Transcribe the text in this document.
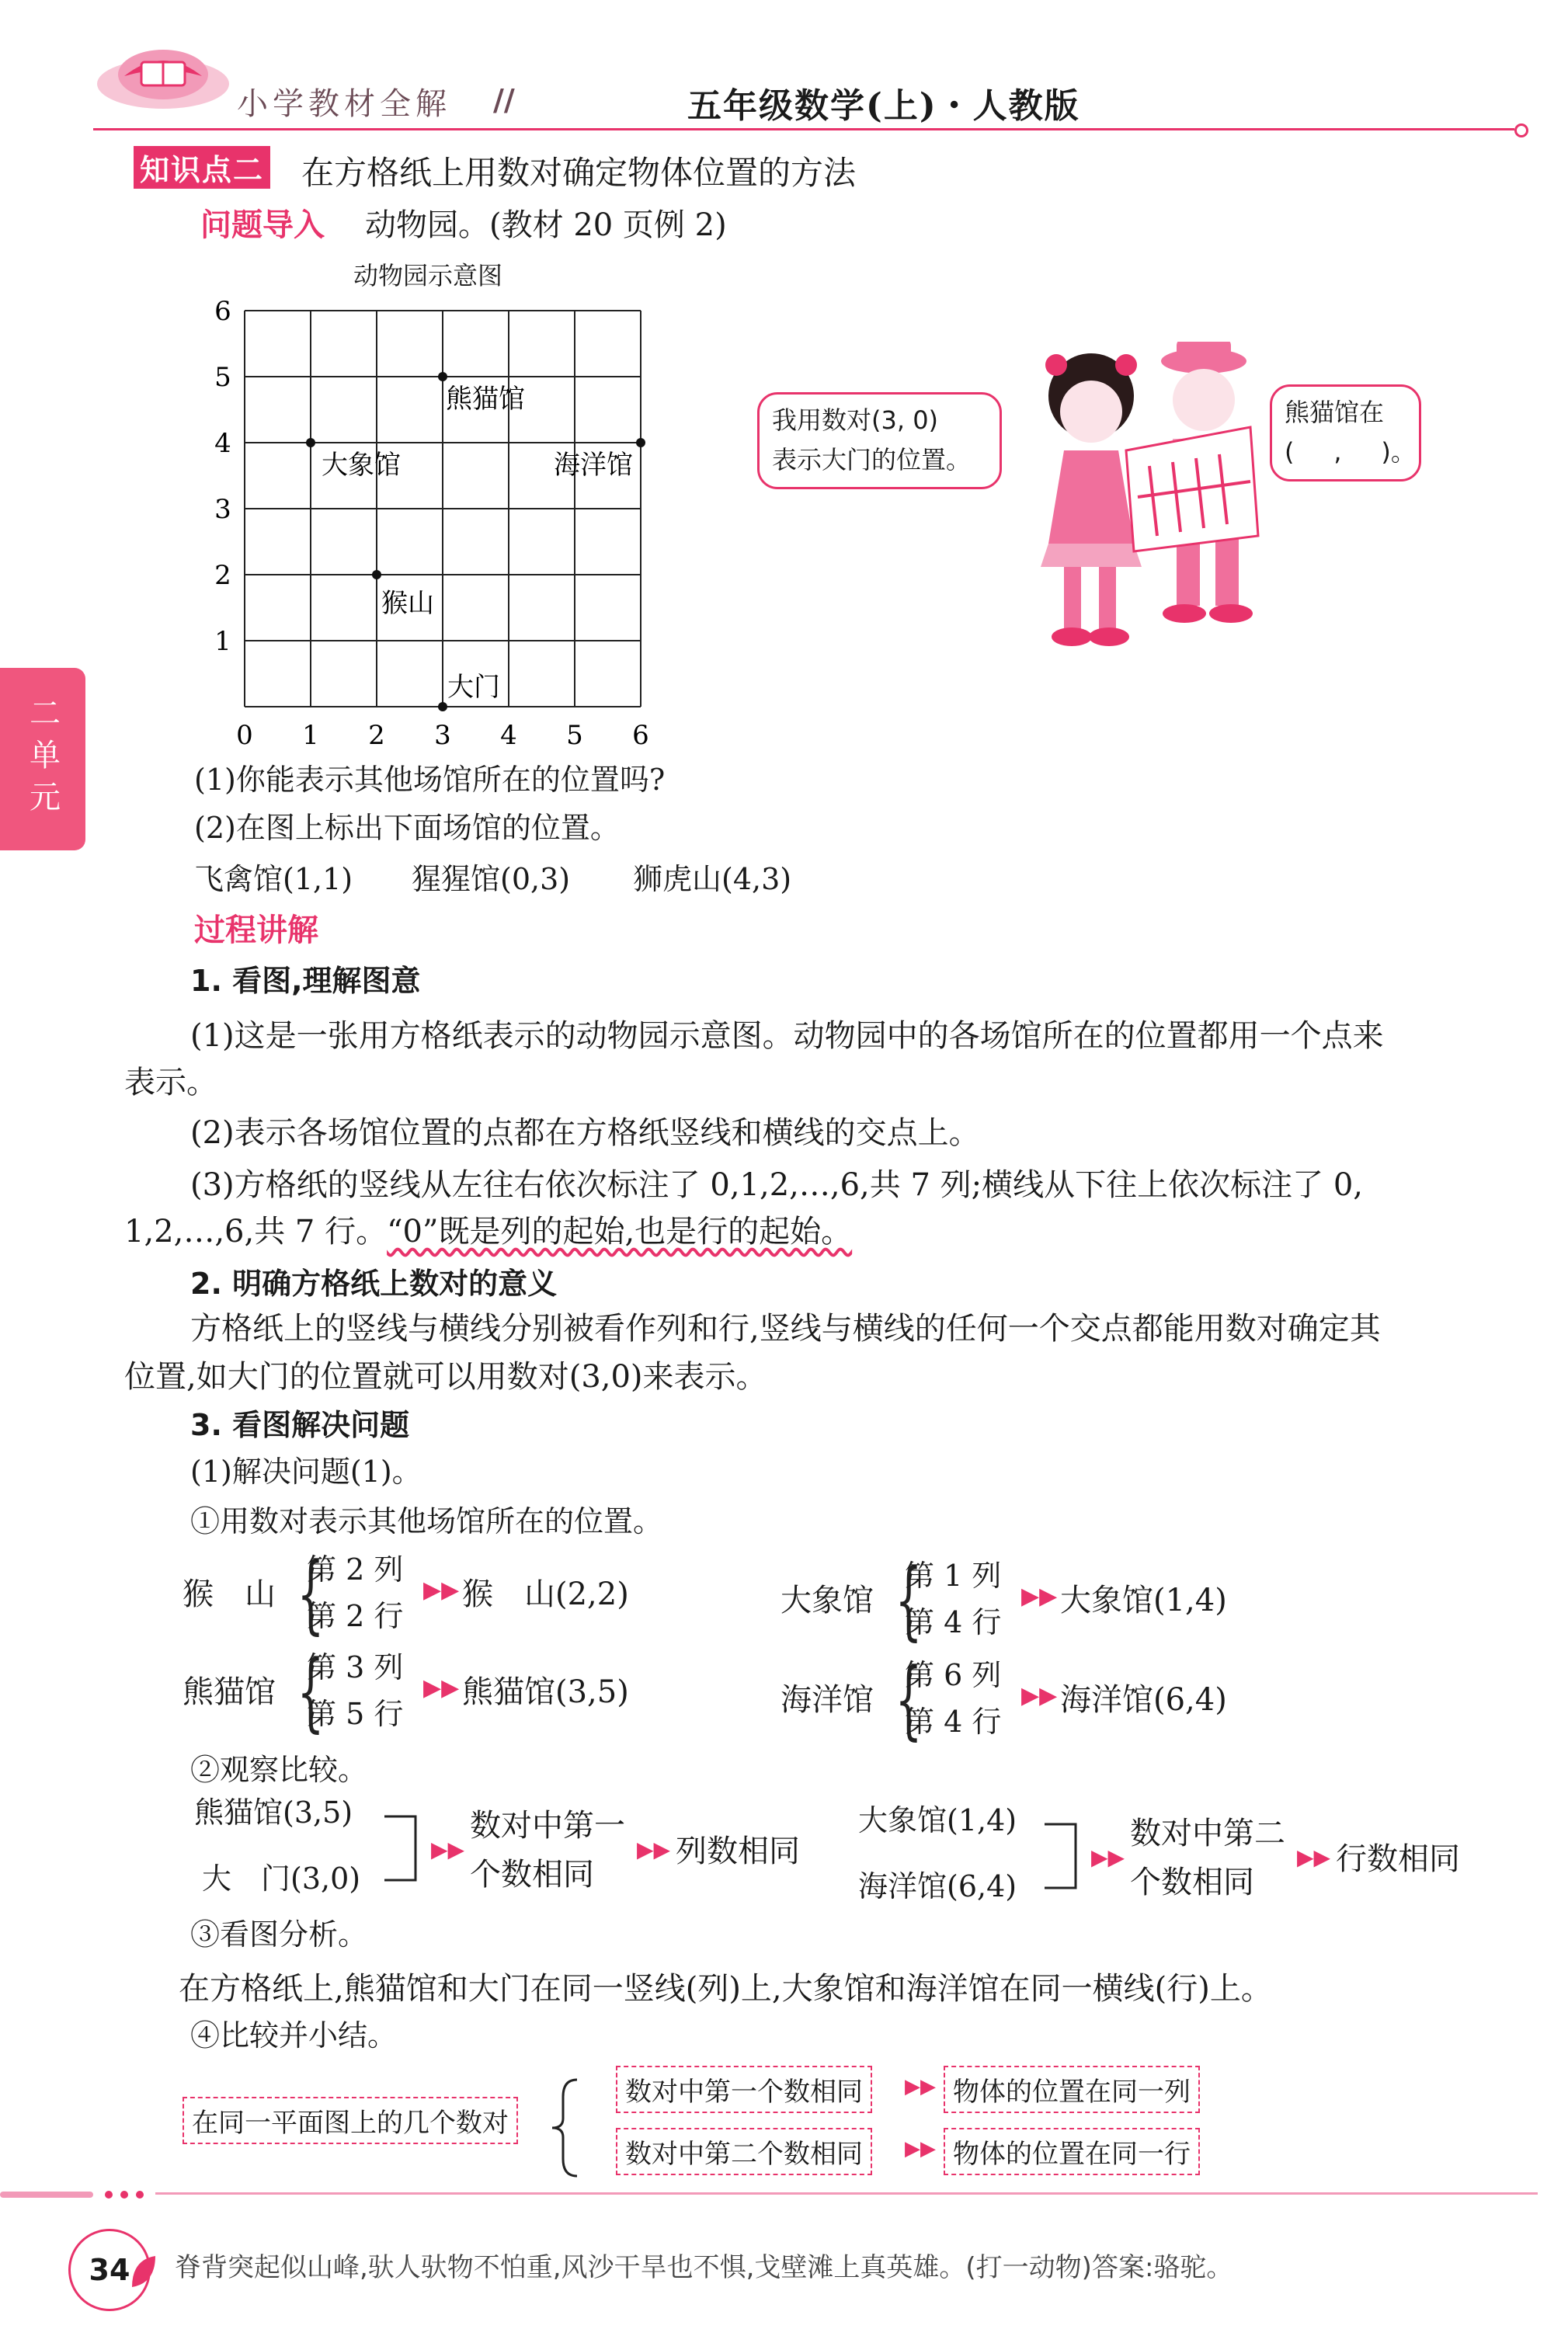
小学教材全解 //	五年级数学(上)・人教版
二单元
知识点二 在方格纸上用数对确定物体位置的方法
问题导入 动物园。(教材 20 页例 2)
动物园示意图
0 1 2 3 4 5 6
1
2
3
4
5
6
熊猫馆
大象馆	海洋馆
猴山
大门
我用数对(3, 0)
表示大门的位置。
熊猫馆在
(     ,     )。
(1)你能表示其他场馆所在的位置吗?
(2)在图上标出下面场馆的位置。
飞禽馆(1,1) 猩猩馆(0,3) 狮虎山(4,3)
过程讲解
1. 看图,理解图意
(1)这是一张用方格纸表示的动物园示意图。动物园中的各场馆所在的位置都用一个点来
表示。
(2)表示各场馆位置的点都在方格纸竖线和横线的交点上。
(3)方格纸的竖线从左往右依次标注了 0,1,2,…,6,共 7 列;横线从下往上依次标注了 0,
1,2,…,6,共 7 行。“0”既是列的起始,也是行的起始。
2. 明确方格纸上数对的意义
方格纸上的竖线与横线分别被看作列和行,竖线与横线的任何一个交点都能用数对确定其
位置,如大门的位置就可以用数对(3,0)来表示。
3. 看图解决问题
(1)解决问题(1)。
①用数对表示其他场馆所在的位置。
猴　山 {
第 2 列
第 2 行
▶▶ 猴　山(2,2)	大象馆 {
第 1 列
第 4 行
▶▶ 大象馆(1,4)
熊猫馆 {
第 3 列
第 5 行
▶▶ 熊猫馆(3,5)	海洋馆 {
第 6 列
第 4 行
▶▶ 海洋馆(6,4)
②观察比较。
熊猫馆(3,5)
大　门(3,0)
▶▶
数对中第一
个数相同
▶▶ 列数相同
大象馆(1,4)
海洋馆(6,4)
▶▶
数对中第二
个数相同
▶▶ 行数相同
③看图分析。
在方格纸上,熊猫馆和大门在同一竖线(列)上,大象馆和海洋馆在同一横线(行)上。
④比较并小结。
在同一平面图上的几个数对
数对中第一个数相同	▶▶ 物体的位置在同一列
数对中第二个数相同	▶▶ 物体的位置在同一行
34 脊背突起似山峰,驮人驮物不怕重,风沙干旱也不惧,戈壁滩上真英雄。(打一动物)答案:骆驼。
